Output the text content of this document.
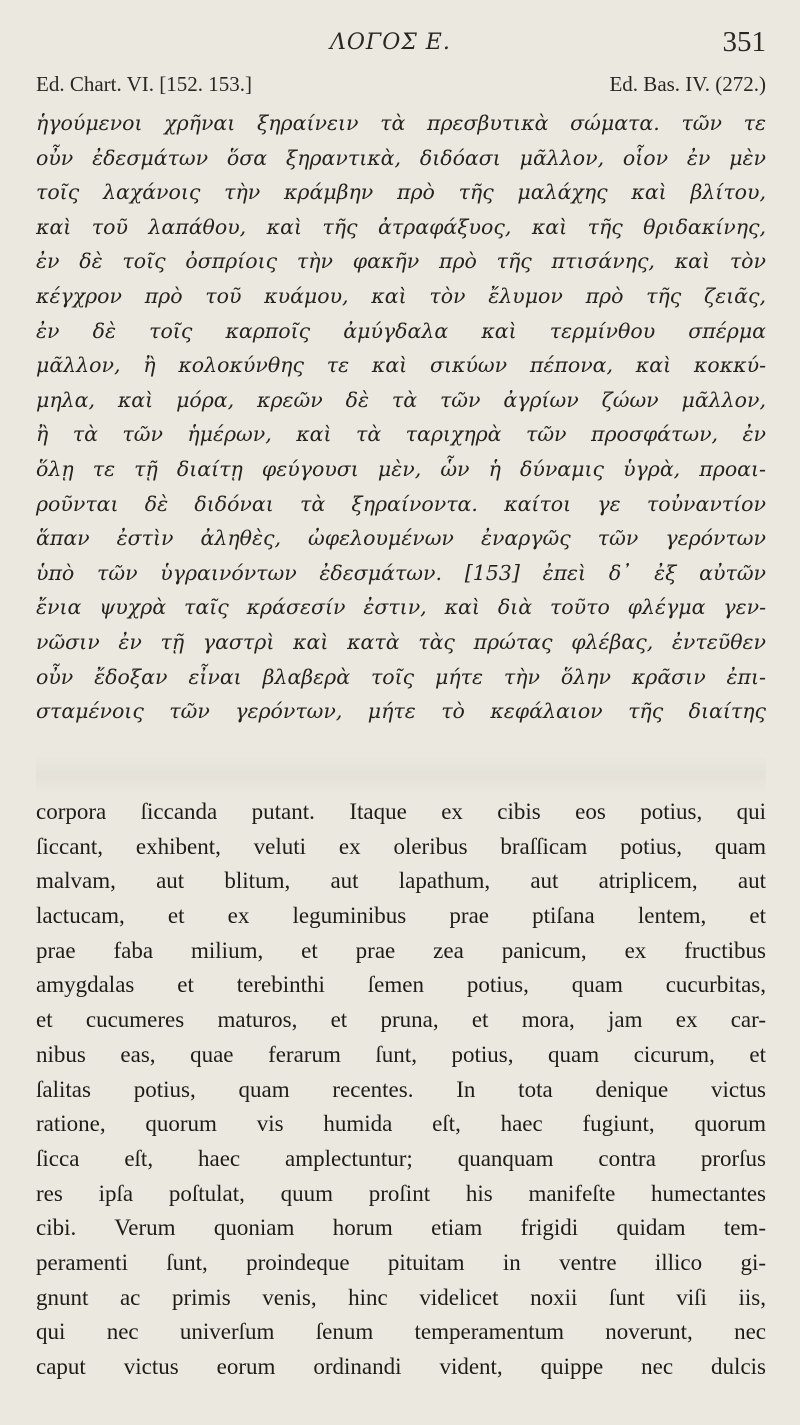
ΛΟΓΟΣ Ε.	351
Ed. Chart. VI. [152. 153.]	Ed. Bas. IV. (272.)
ἡγούμενοι χρῆναι ξηραίνειν τὰ πρεσβυτικὰ σώματα. τῶν τε
οὖν ἐδεσμάτων ὅσα ξηραντικὰ, διδόασι μᾶλλον, οἷον ἐν μὲν
τοῖς λαχάνοις τὴν κράμβην πρὸ τῆς μαλάχης καὶ βλίτου,
καὶ τοῦ λαπάθου, καὶ τῆς ἀτραφάξυος, καὶ τῆς θριδακίνης,
ἐν δὲ τοῖς ὀσπρίοις τὴν φακῆν πρὸ τῆς πτισάνης, καὶ τὸν
κέγχρον πρὸ τοῦ κυάμου, καὶ τὸν ἔλυμον πρὸ τῆς ζειᾶς,
ἐν δὲ τοῖς καρποῖς ἀμύγδαλα καὶ τερμίνθου σπέρμα
μᾶλλον, ἢ κολοκύνθης τε καὶ σικύων πέπονα, καὶ κοκκύ-
μηλα, καὶ μόρα, κρεῶν δὲ τὰ τῶν ἀγρίων ζώων μᾶλλον,
ἢ τὰ τῶν ἡμέρων, καὶ τὰ ταριχηρὰ τῶν προσφάτων, ἐν
ὅλῃ τε τῇ διαίτῃ φεύγουσι μὲν, ὧν ἡ δύναμις ὑγρὰ, προαι-
ροῦνται δὲ διδόναι τὰ ξηραίνοντα. καίτοι γε τοὐναντίον
ἅπαν ἐστὶν ἀληθὲς, ὠφελουμένων ἐναργῶς τῶν γερόντων
ὑπὸ τῶν ὑγραινόντων ἐδεσμάτων. [153] ἐπεὶ δ᾽ ἐξ αὐτῶν
ἔνια ψυχρὰ ταῖς κράσεσίν ἐστιν, καὶ διὰ τοῦτο φλέγμα γεν-
νῶσιν ἐν τῇ γαστρὶ καὶ κατὰ τὰς πρώτας φλέβας, ἐντεῦθεν
οὖν ἔδοξαν εἶναι βλαβερὰ τοῖς μήτε τὴν ὅλην κρᾶσιν ἐπι-
σταμένοις τῶν γερόντων, μήτε τὸ κεφάλαιον τῆς διαίτης
corpora ſiccanda putant. Itaque ex cibis eos potius, qui
ſiccant, exhibent, veluti ex oleribus braſſicam potius, quam
malvam, aut blitum, aut lapathum, aut atriplicem, aut
lactucam, et ex leguminibus prae ptiſana lentem, et
prae faba milium, et prae zea panicum, ex fructibus
amygdalas et terebinthi ſemen potius, quam cucurbitas,
et cucumeres maturos, et pruna, et mora, jam ex car-
nibus eas, quae ferarum ſunt, potius, quam cicurum, et
ſalitas potius, quam recentes. In tota denique victus
ratione, quorum vis humida eſt, haec fugiunt, quorum
ſicca eſt, haec amplectuntur; quanquam contra prorſus
res ipſa poſtulat, quum proſint his manifeſte humectantes
cibi. Verum quoniam horum etiam frigidi quidam tem-
peramenti ſunt, proindeque pituitam in ventre illico gi-
gnunt ac primis venis, hinc videlicet noxii ſunt viſi iis,
qui nec univerſum ſenum temperamentum noverunt, nec
caput victus eorum ordinandi vident, quippe nec dulcis
